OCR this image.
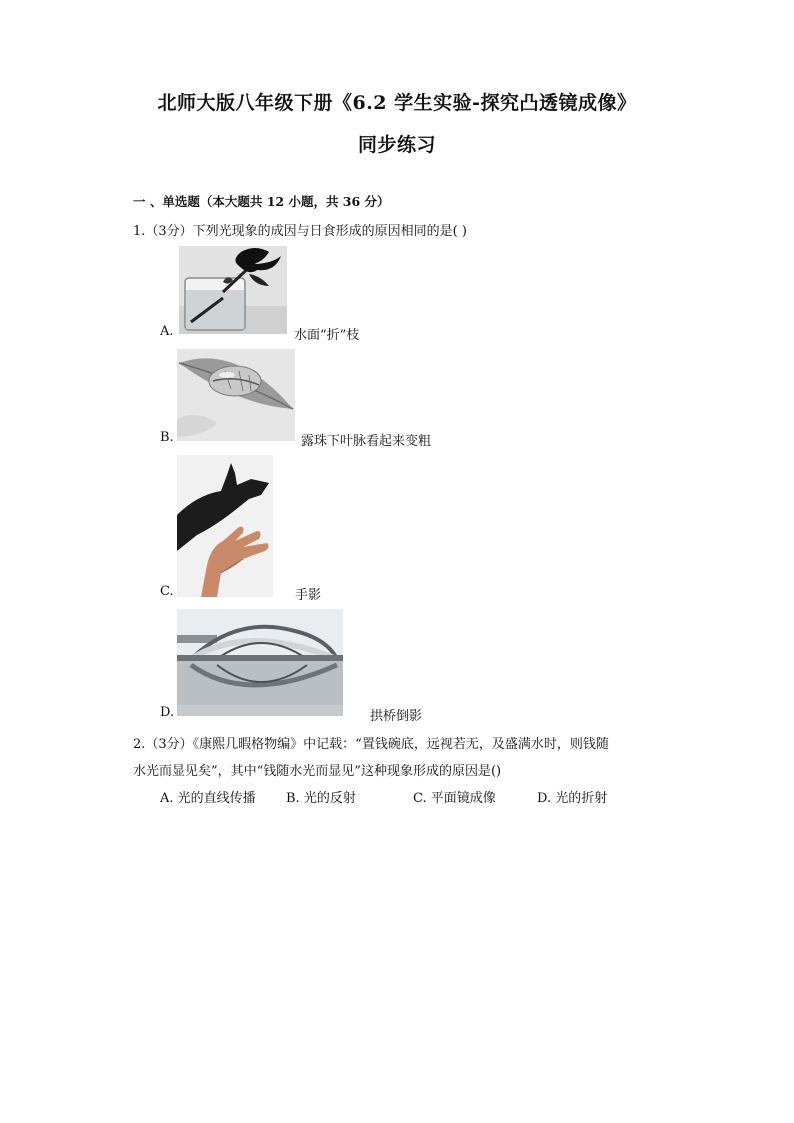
北师大版八年级下册《6.2 学生实验-探究凸透镜成像》
同步练习
一 、单选题（本大题共 12 小题，共 36 分）
1.（3分）下列光现象的成因与日食形成的原因相同的是( )
A.	水面“折”枝
B.	露珠下叶脉看起来变粗
C.	手影
D.	拱桥倒影
2.（3分）《康熙几暇格物编》中记载：“置钱碗底，远视若无，及盛满水时，则钱随
水光而显见矣”，其中“钱随水光而显见”这种现象形成的原因是()
A. 光的直线传播 B. 光的反射	C. 平面镜成像	D. 光的折射
